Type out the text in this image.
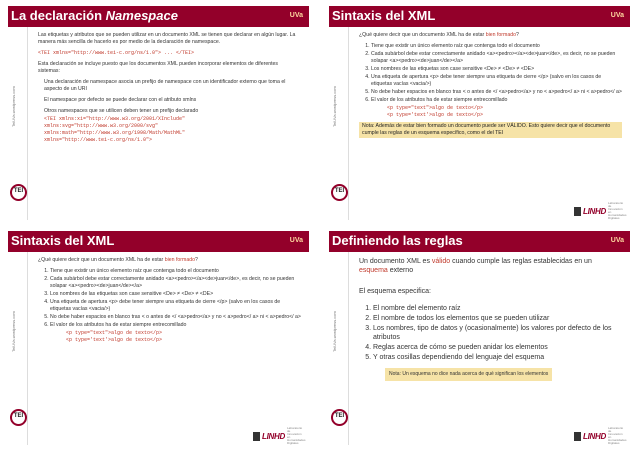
La declaración Namespace	UVa
TeiUVa.wordpress.com
TEI

Las etiquetas y atributos que se pueden utilizar en un documento XML se tienen que declarar en algún lugar. La manera más sencilla de hacerlo es por medio de la declaración de namespace.

<TEI xmlns="http://www.tei-c.org/ns/1.0"> ... </TEI>

Esta declaración se incluye puesto que los documentos XML pueden incorporar elementos de diferentes sistemas:

Una declaración de namespace asocia un prefijo de namespace con un identificador externo que toma el aspecto de un URI

El namespace por defecto se puede declarar con el atributo xmlns

Otros namespaces que se utilicen deben tener un prefijo declarado

<TEI xmlns:xi="http://www.w3.org/2001/XInclude"
xmlns:svg="http://www.w3.org/2000/svg"
xmlns:math="http://www.w3.org/1998/Math/MathML"
xmlns="http://www.tei-c.org/ns/1.0">
Sintaxis del XML	UVa
TeiUVa.wordpress.com
TEI

¿Qué quiere decir que un documento XML ha de estar bien formado?

1. Tiene que existir un único elemento raíz que contenga todo el documento
2. Cada subárbol debe estar correctamente anidado <a><pedro></a><de>juan</de>, es decir, no se pueden solapar <a><pedro><de>juan</de></a>
3. Los nombres de las etiquetas son case sensitive <De> ≠ <De> ≠ <DE>
4. Una etiqueta de apertura <p> debe tener siempre una etiqueta de cierre </p> (salvo en los casos de etiquetas vacías <vacia/>)
5. No debe haber espacios en blanco tras < o antes de </ <a>pedro</a> y no < a>pedro</ a> ni < a>pedro</ a>
6. El valor de los atributos ha de estar siempre entrecomillado
<p type="text">algo de texto</p>
<p type='text'>algo de texto</p>

Nota: Además de estar bien formado un documento puede ser VÁLIDO. Esto quiere decir que el documento cumple las reglas de un esquema específico, como el del TEI

LINHD
Laboratorio de Innovación en Humanidades Digitales
Sintaxis del XML	UVa
TeiUVa.wordpress.com
TEI

¿Qué quiere decir que un documento XML ha de estar bien formado?

1. Tiene que existir un único elemento raíz que contenga todo el documento
2. Cada subárbol debe estar correctamente anidado <a><pedro></a><de>juan</de>, es decir, no se pueden solapar <a><pedro><de>juan</de></a>
3. Los nombres de las etiquetas son case sensitive <De> ≠ <De> ≠ <DE>
4. Una etiqueta de apertura <p> debe tener siempre una etiqueta de cierre </p> (salvo en los casos de etiquetas vacías <vacia/>)
5. No debe haber espacios en blanco tras < o antes de </ <a>pedro</a> y no < a>pedro</ a> ni < a>pedro</ a>
6. El valor de los atributos ha de estar siempre entrecomillado
<p type="text">algo de texto</p>
<p type='text'>algo de texto</p>
LINHD
Laboratorio de Innovación en Humanidades Digitales
Definiendo las reglas	UVa
TeiUVa.wordpress.com
TEI

Un documento XML es válido cuando cumple las reglas establecidas en un esquema externo

El esquema especifica:

1. El nombre del elemento raíz
2. El nombre de todos los elementos que se pueden utilizar
3. Los nombres, tipo de datos y (ocasionalmente) los valores por defecto de los atributos
4. Reglas acerca de cómo se pueden anidar los elementos
5. Y otras cosillas dependiendo del lenguaje del esquema
Nota: Un esquema no dice nada acerca de qué significan los elementos
LINHD
Laboratorio de Innovación en Humanidades Digitales
